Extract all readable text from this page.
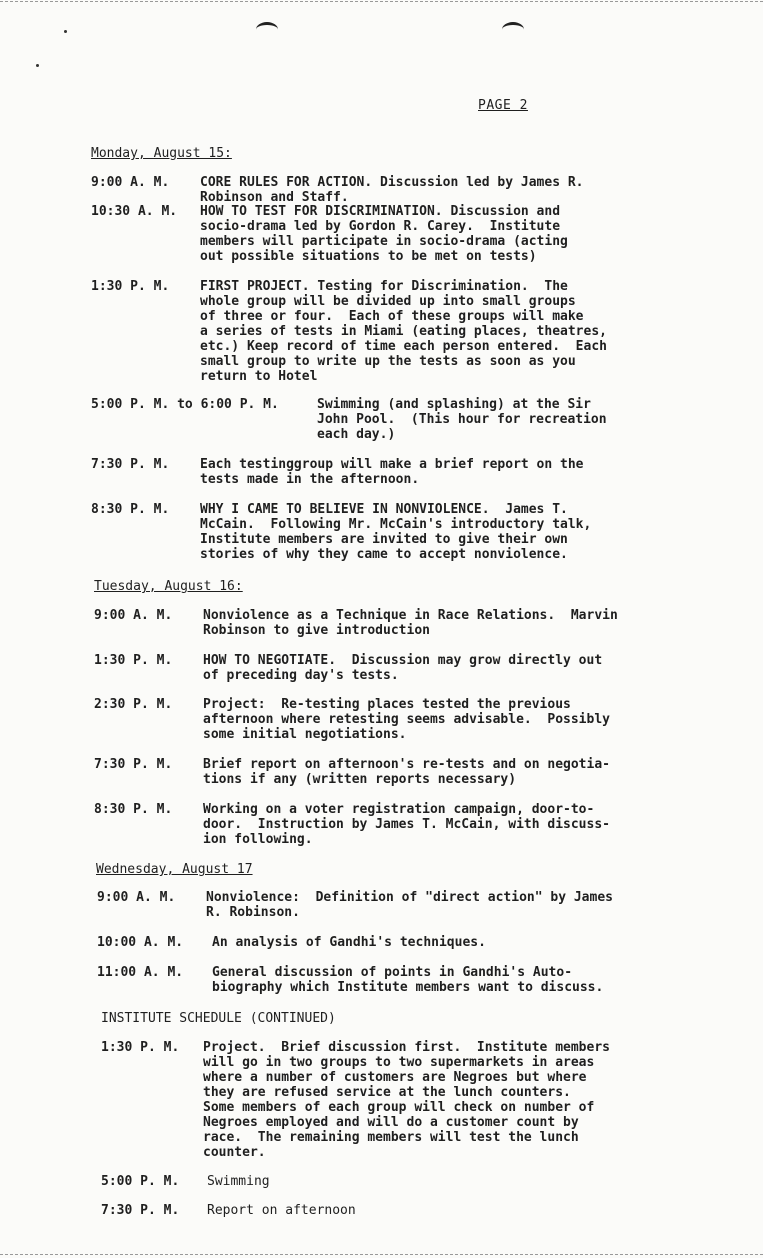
PAGE 2
Monday, August 15:
9:00 A. M. CORE RULES FOR ACTION. Discussion led by James R.
Robinson and Staff.
10:30 A. M. HOW TO TEST FOR DISCRIMINATION. Discussion and
socio-drama led by Gordon R. Carey.  Institute
members will participate in socio-drama (acting
out possible situations to be met on tests)
1:30 P. M. FIRST PROJECT. Testing for Discrimination.  The
whole group will be divided up into small groups
of three or four.  Each of these groups will make
a series of tests in Miami (eating places, theatres,
etc.) Keep record of time each person entered.  Each
small group to write up the tests as soon as you
return to Hotel
5:00 P. M. to 6:00 P. M.	Swimming (and splashing) at the Sir
John Pool.  (This hour for recreation
each day.)
7:30 P. M. Each testinggroup will make a brief report on the
tests made in the afternoon.
8:30 P. M. WHY I CAME TO BELIEVE IN NONVIOLENCE.  James T.
McCain.  Following Mr. McCain's introductory talk,
Institute members are invited to give their own
stories of why they came to accept nonviolence.
Tuesday, August 16:
9:00 A. M. Nonviolence as a Technique in Race Relations.  Marvin
Robinson to give introduction
1:30 P. M. HOW TO NEGOTIATE.  Discussion may grow directly out
of preceding day's tests.
2:30 P. M. Project:  Re-testing places tested the previous
afternoon where retesting seems advisable.  Possibly
some initial negotiations.
7:30 P. M. Brief report on afternoon's re-tests and on negotia-
tions if any (written reports necessary)
8:30 P. M. Working on a voter registration campaign, door-to-
door.  Instruction by James T. McCain, with discuss-
ion following.
Wednesday, August 17
9:00 A. M. Nonviolence:  Definition of "direct action" by James
R. Robinson.
10:00 A. M. An analysis of Gandhi's techniques.
11:00 A. M. General discussion of points in Gandhi's Auto-
biography which Institute members want to discuss.
INSTITUTE SCHEDULE (CONTINUED)
1:30 P. M. Project.  Brief discussion first.  Institute members
will go in two groups to two supermarkets in areas
where a number of customers are Negroes but where
they are refused service at the lunch counters.
Some members of each group will check on number of
Negroes employed and will do a customer count by
race.  The remaining members will test the lunch
counter.
5:00 P. M. Swimming
7:30 P. M. Report on afternoon
